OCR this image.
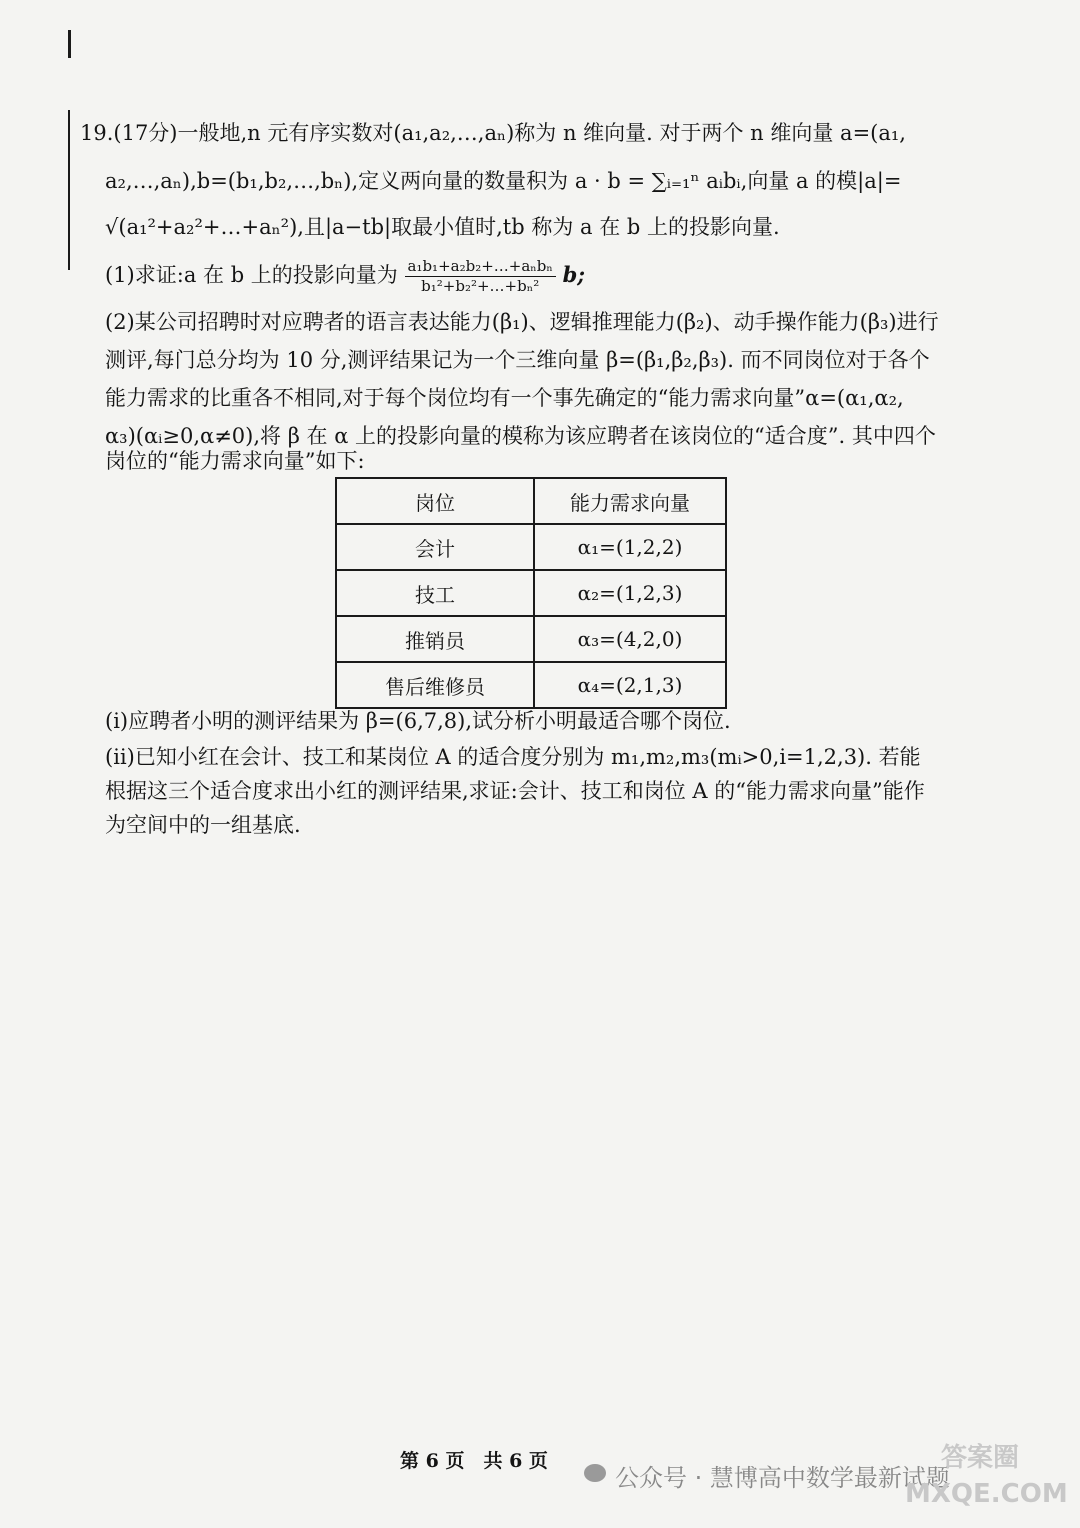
19.(17分)一般地,n 元有序实数对(a₁,a₂,…,aₙ)称为 n 维向量. 对于两个 n 维向量 a=(a₁,
a₂,…,aₙ),b=(b₁,b₂,…,bₙ),定义两向量的数量积为 a · b = ∑ᵢ₌₁ⁿ aᵢbᵢ,向量 a 的模|a|=
√(a₁²+a₂²+…+aₙ²),且|a−tb|取最小值时,tb 称为 a 在 b 上的投影向量.
(1)求证:a 在 b 上的投影向量为 $\frac{\text{a₁b₁+a₂b₂+…+aₙbₙ}}{\text{b₁²+b₂²+…+bₙ²}} b$;
(2)某公司招聘时对应聘者的语言表达能力(β₁)、逻辑推理能力(β₂)、动手操作能力(β₃)进行
测评,每门总分均为 10 分,测评结果记为一个三维向量 β=(β₁,β₂,β₃). 而不同岗位对于各个
能力需求的比重各不相同,对于每个岗位均有一个事先确定的“能力需求向量”α=(α₁,α₂,
α₃)(αᵢ≥0,α≠0),将 β 在 α 上的投影向量的模称为该应聘者在该岗位的“适合度”. 其中四个
岗位的“能力需求向量”如下:
岗位	能力需求向量
会计	α₁=(1,2,2)
技工	α₂=(1,2,3)
推销员	α₃=(4,2,0)
售后维修员	α₄=(2,1,3)
(ⅰ)应聘者小明的测评结果为 β=(6,7,8),试分析小明最适合哪个岗位.
(ⅱ)已知小红在会计、技工和某岗位 A 的适合度分别为 m₁,m₂,m₃(mᵢ>0,i=1,2,3). 若能
根据这三个适合度求出小红的测评结果,求证:会计、技工和岗位 A 的“能力需求向量”能作
为空间中的一组基底.
第 6 页　共 6 页
公众号 · 慧博高中数学最新试题
答案圈 MXQE.COM
